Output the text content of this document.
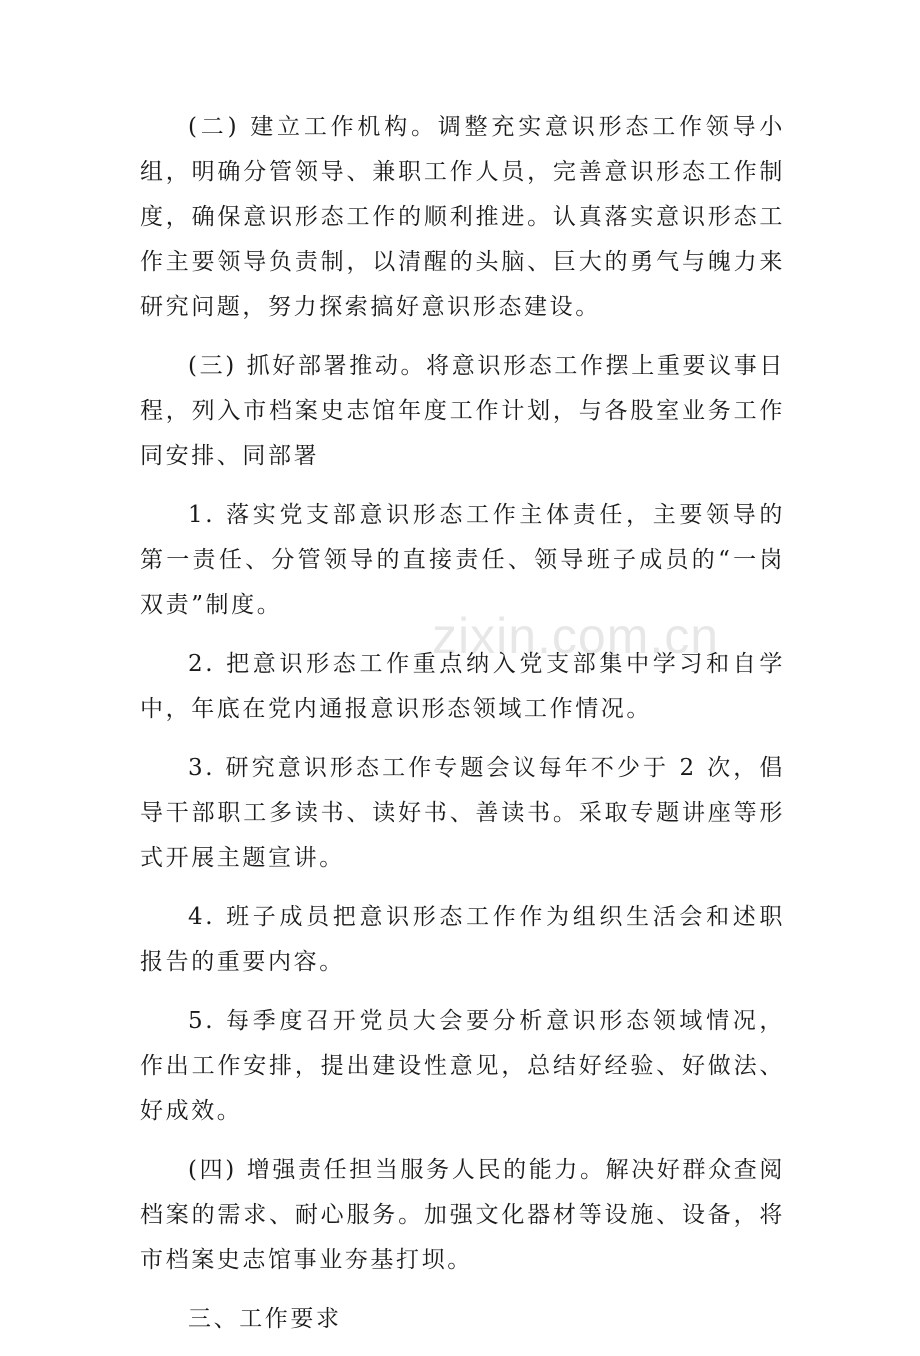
(二) 建立工作机构。调整充实意识形态工作领导小组，明确分管领导、兼职工作人员，完善意识形态工作制度，确保意识形态工作的顺利推进。认真落实意识形态工作主要领导负责制，以清醒的头脑、巨大的勇气与魄力来研究问题，努力探索搞好意识形态建设。

(三) 抓好部署推动。将意识形态工作摆上重要议事日程，列入市档案史志馆年度工作计划，与各股室业务工作同安排、同部署

1. 落实党支部意识形态工作主体责任，主要领导的第一责任、分管领导的直接责任、领导班子成员的“一岗双责”制度。

2. 把意识形态工作重点纳入党支部集中学习和自学中，年底在党内通报意识形态领域工作情况。

3. 研究意识形态工作专题会议每年不少于 2 次，倡导干部职工多读书、读好书、善读书。采取专题讲座等形式开展主题宣讲。

4. 班子成员把意识形态工作作为组织生活会和述职报告的重要内容。

5. 每季度召开党员大会要分析意识形态领域情况，作出工作安排，提出建设性意见，总结好经验、好做法、好成效。

(四) 增强责任担当服务人民的能力。解决好群众查阅档案的需求、耐心服务。加强文化器材等设施、设备，将市档案史志馆事业夯基打坝。

三、工作要求

zixin.com.cn
